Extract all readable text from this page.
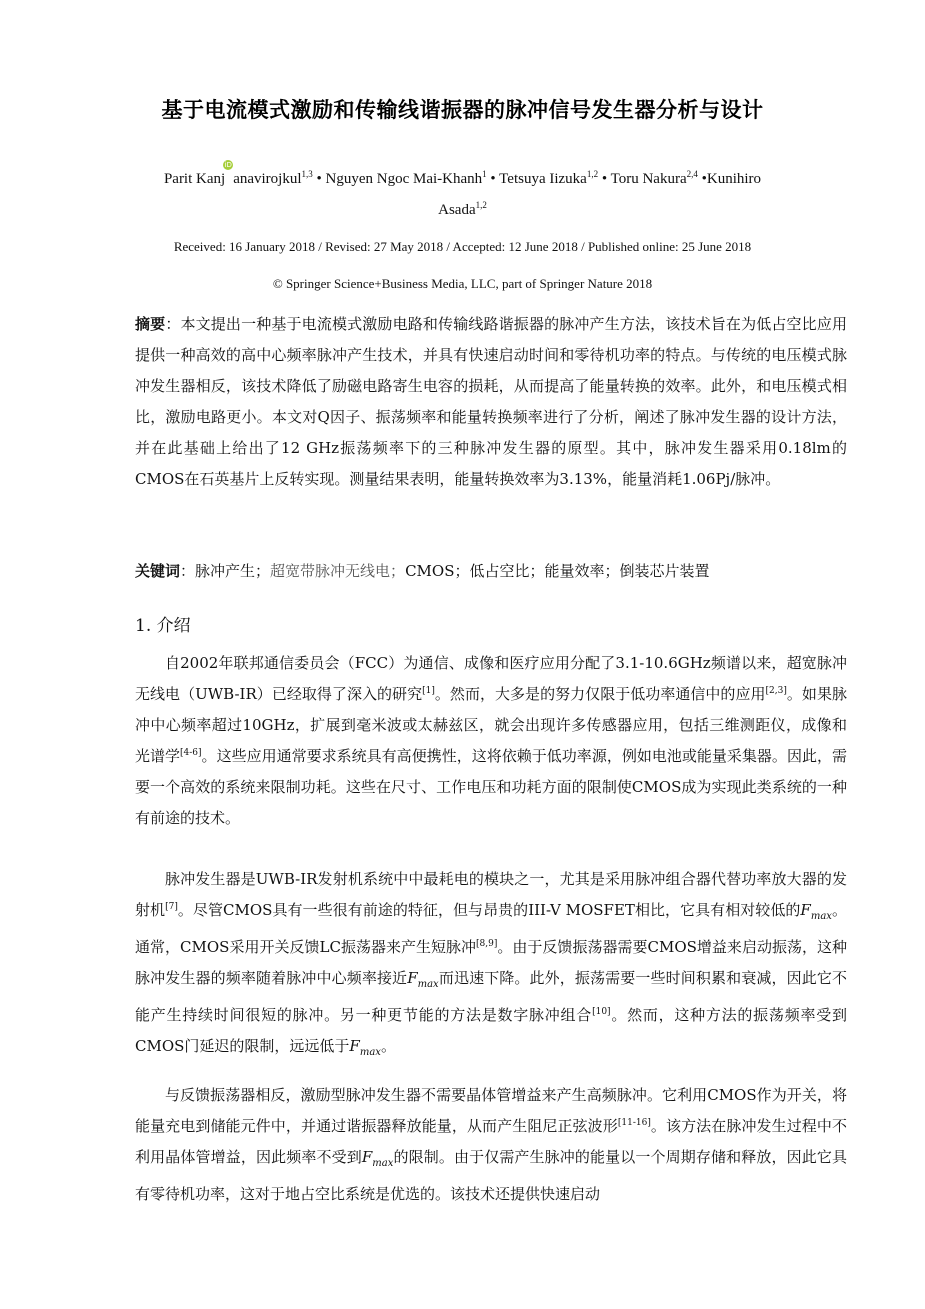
基于电流模式激励和传输线谐振器的脉冲信号发生器分析与设计
Parit KanjiDanavirojkul$^{1,3}$ • Nguyen Ngoc Mai-Khanh$^1$ • Tetsuya Iizuka$^{1,2}$ • Toru Nakura$^{2,4}$ •Kunihiro Asada$^{1,2}$
Received: 16 January 2018 / Revised: 27 May 2018 / Accepted: 12 June 2018 / Published online: 25 June 2018
© Springer Science+Business Media, LLC, part of Springer Nature 2018
摘要：本文提出一种基于电流模式激励电路和传输线路谐振器的脉冲产生方法，该技术旨在为低占空比应用提供一种高效的高中心频率脉冲产生技术，并具有快速启动时间和零待机功率的特点。与传统的电压模式脉冲发生器相反，该技术降低了励磁电路寄生电容的损耗，从而提高了能量转换的效率。此外，和电压模式相比，激励电路更小。本文对Q因子、振荡频率和能量转换频率进行了分析，阐述了脉冲发生器的设计方法，并在此基础上给出了12 GHz振荡频率下的三种脉冲发生器的原型。其中，脉冲发生器采用0.18lm的CMOS在石英基片上反转实现。测量结果表明，能量转换效率为3.13%，能量消耗1.06Pj/脉冲。
关键词：脉冲产生；超宽带脉冲无线电；CMOS；低占空比；能量效率；倒装芯片装置
1. 介绍
自2002年联邦通信委员会（FCC）为通信、成像和医疗应用分配了3.1-10.6GHz频谱以来，超宽脉冲无线电（UWB-IR）已经取得了深入的研究[1]。然而，大多是的努力仅限于低功率通信中的应用[2,3]。如果脉冲中心频率超过10GHz，扩展到毫米波或太赫兹区，就会出现许多传感器应用，包括三维测距仪，成像和光谱学[4-6]。这些应用通常要求系统具有高便携性，这将依赖于低功率源，例如电池或能量采集器。因此，需要一个高效的系统来限制功耗。这些在尺寸、工作电压和功耗方面的限制使CMOS成为实现此类系统的一种有前途的技术。
脉冲发生器是UWB-IR发射机系统中中最耗电的模块之一，尤其是采用脉冲组合器代替功率放大器的发射机[7]。尽管CMOS具有一些很有前途的特征，但与昂贵的III-V MOSFET相比，它具有相对较低的$F_{max}$。通常，CMOS采用开关反馈LC振荡器来产生短脉冲[8,9]。由于反馈振荡器需要CMOS增益来启动振荡，这种脉冲发生器的频率随着脉冲中心频率接近$F_{max}$而迅速下降。此外，振荡需要一些时间积累和衰减，因此它不能产生持续时间很短的脉冲。另一种更节能的方法是数字脉冲组合[10]。然而，这种方法的振荡频率受到CMOS门延迟的限制，远远低于$F_{max}$。
与反馈振荡器相反，激励型脉冲发生器不需要晶体管增益来产生高频脉冲。它利用CMOS作为开关，将能量充电到储能元件中，并通过谐振器释放能量，从而产生阻尼正弦波形[11-16]。该方法在脉冲发生过程中不利用晶体管增益，因此频率不受到$F_{max}$的限制。由于仅需产生脉冲的能量以一个周期存储和释放，因此它具有零待机功率，这对于地占空比系统是优选的。该技术还提供快速启动
